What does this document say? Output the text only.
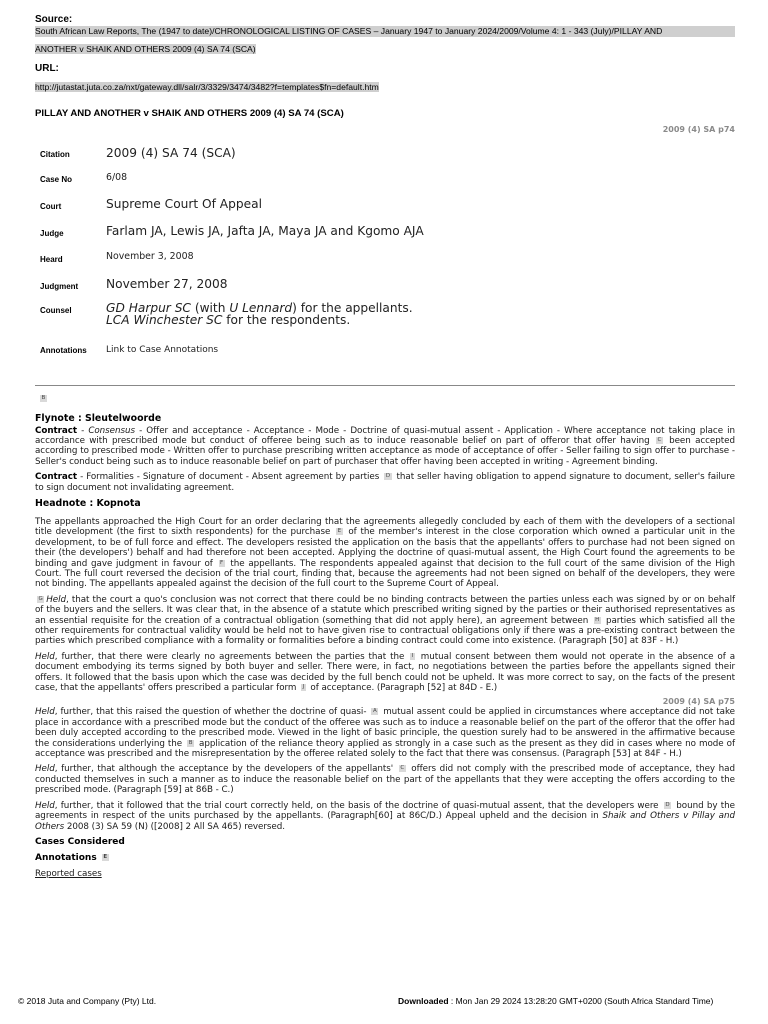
Source:
South African Law Reports, The (1947 to date)/CHRONOLOGICAL LISTING OF CASES – January 1947 to January 2024/2009/Volume 4: 1 - 343 (July)/PILLAY AND
ANOTHER v SHAIK AND OTHERS 2009 (4) SA 74 (SCA)
URL:
http://jutastat.juta.co.za/nxt/gateway.dll/salr/3/3329/3474/3482?f=templates$fn=default.htm
PILLAY AND ANOTHER v SHAIK AND OTHERS 2009 (4) SA 74 (SCA)
2009 (4) SA p74
Citation	2009 (4) SA 74 (SCA)
Case No	6/08
Court	Supreme Court Of Appeal
Judge	Farlam JA, Lewis JA, Jafta JA, Maya JA and Kgomo AJA
Heard	November 3, 2008
Judgment November 27, 2008
Counsel	GD Harpur SC (with U Lennard) for the appellants.
LCA Winchester SC for the respondents.
Annotations Link to Case Annotations
B
Flynote : Sleutelwoorde

Contract - Consensus - Offer and acceptance - Acceptance - Mode - Doctrine of quasi-mutual assent - Application - Where acceptance not taking place in accordance with prescribed mode but conduct of offeree being such as to induce reasonable belief on part of offeror that offer having C been accepted according to prescribed mode - Written offer to purchase prescribing written acceptance as mode of acceptance of offer - Seller failing to sign offer to purchase - Seller's conduct being such as to induce reasonable belief on part of purchaser that offer having been accepted in writing - Agreement binding.

Contract - Formalities - Signature of document - Absent agreement by parties D that seller having obligation to append signature to document, seller's failure to sign document not invalidating agreement.

Headnote : Kopnota

The appellants approached the High Court for an order declaring that the agreements allegedly concluded by each of them with the developers of a sectional title development (the first to sixth respondents) for the purchase E of the member's interest in the close corporation which owned a particular unit in the development, to be of full force and effect. The developers resisted the application on the basis that the appellants' offers to purchase had not been signed on their (the developers') behalf and had therefore not been accepted. Applying the doctrine of quasi-mutual assent, the High Court found the agreements to be binding and gave judgment in favour of F the appellants. The respondents appealed against that decision to the full court of the same division of the High Court. The full court reversed the decision of the trial court, finding that, because the agreements had not been signed on behalf of the developers, they were not binding. The appellants appealed against the decision of the full court to the Supreme Court of Appeal.

G Held, that the court a quo's conclusion was not correct that there could be no binding contracts between the parties unless each was signed by or on behalf of the buyers and the sellers. It was clear that, in the absence of a statute which prescribed writing signed by the parties or their authorised representatives as an essential requisite for the creation of a contractual obligation (something that did not apply here), an agreement between H parties which satisfied all the other requirements for contractual validity would be held not to have given rise to contractual obligations only if there was a pre-existing contract between the parties which prescribed compliance with a formality or formalities before a binding contract could come into existence. (Paragraph [50] at 83F - H.)

Held, further, that there were clearly no agreements between the parties that the I mutual consent between them would not operate in the absence of a document embodying its terms signed by both buyer and seller. There were, in fact, no negotiations between the parties before the appellants signed their offers. It followed that the basis upon which the case was decided by the full bench could not be upheld. It was more correct to say, on the facts of the present case, that the appellants' offers prescribed a particular form J of acceptance. (Paragraph [52] at 84D - E.)

2009 (4) SA p75

Held, further, that this raised the question of whether the doctrine of quasi- A mutual assent could be applied in circumstances where acceptance did not take place in accordance with a prescribed mode but the conduct of the offeree was such as to induce a reasonable belief on the part of the offeror that the offer had been duly accepted according to the prescribed mode. Viewed in the light of basic principle, the question surely had to be answered in the affirmative because the considerations underlying the B application of the reliance theory applied as strongly in a case such as the present as they did in cases where no mode of acceptance was prescribed and the misrepresentation by the offeree related solely to the fact that there was consensus. (Paragraph [53] at 84F - H.)

Held, further, that although the acceptance by the developers of the appellants' C offers did not comply with the prescribed mode of acceptance, they had conducted themselves in such a manner as to induce the reasonable belief on the part of the appellants that they were accepting the offers according to the prescribed mode. (Paragraph [59] at 86B - C.)

Held, further, that it followed that the trial court correctly held, on the basis of the doctrine of quasi-mutual assent, that the developers were D bound by the agreements in respect of the units purchased by the appellants. (Paragraph[60] at 86C/D.) Appeal upheld and the decision in Shaik and Others v Pillay and Others 2008 (3) SA 59 (N) ([2008] 2 All SA 465) reversed.

Cases Considered
Annotations E
Reported cases
© 2018 Juta and Company (Pty) Ltd.	Downloaded : Mon Jan 29 2024 13:28:20 GMT+0200 (South Africa Standard Time)
